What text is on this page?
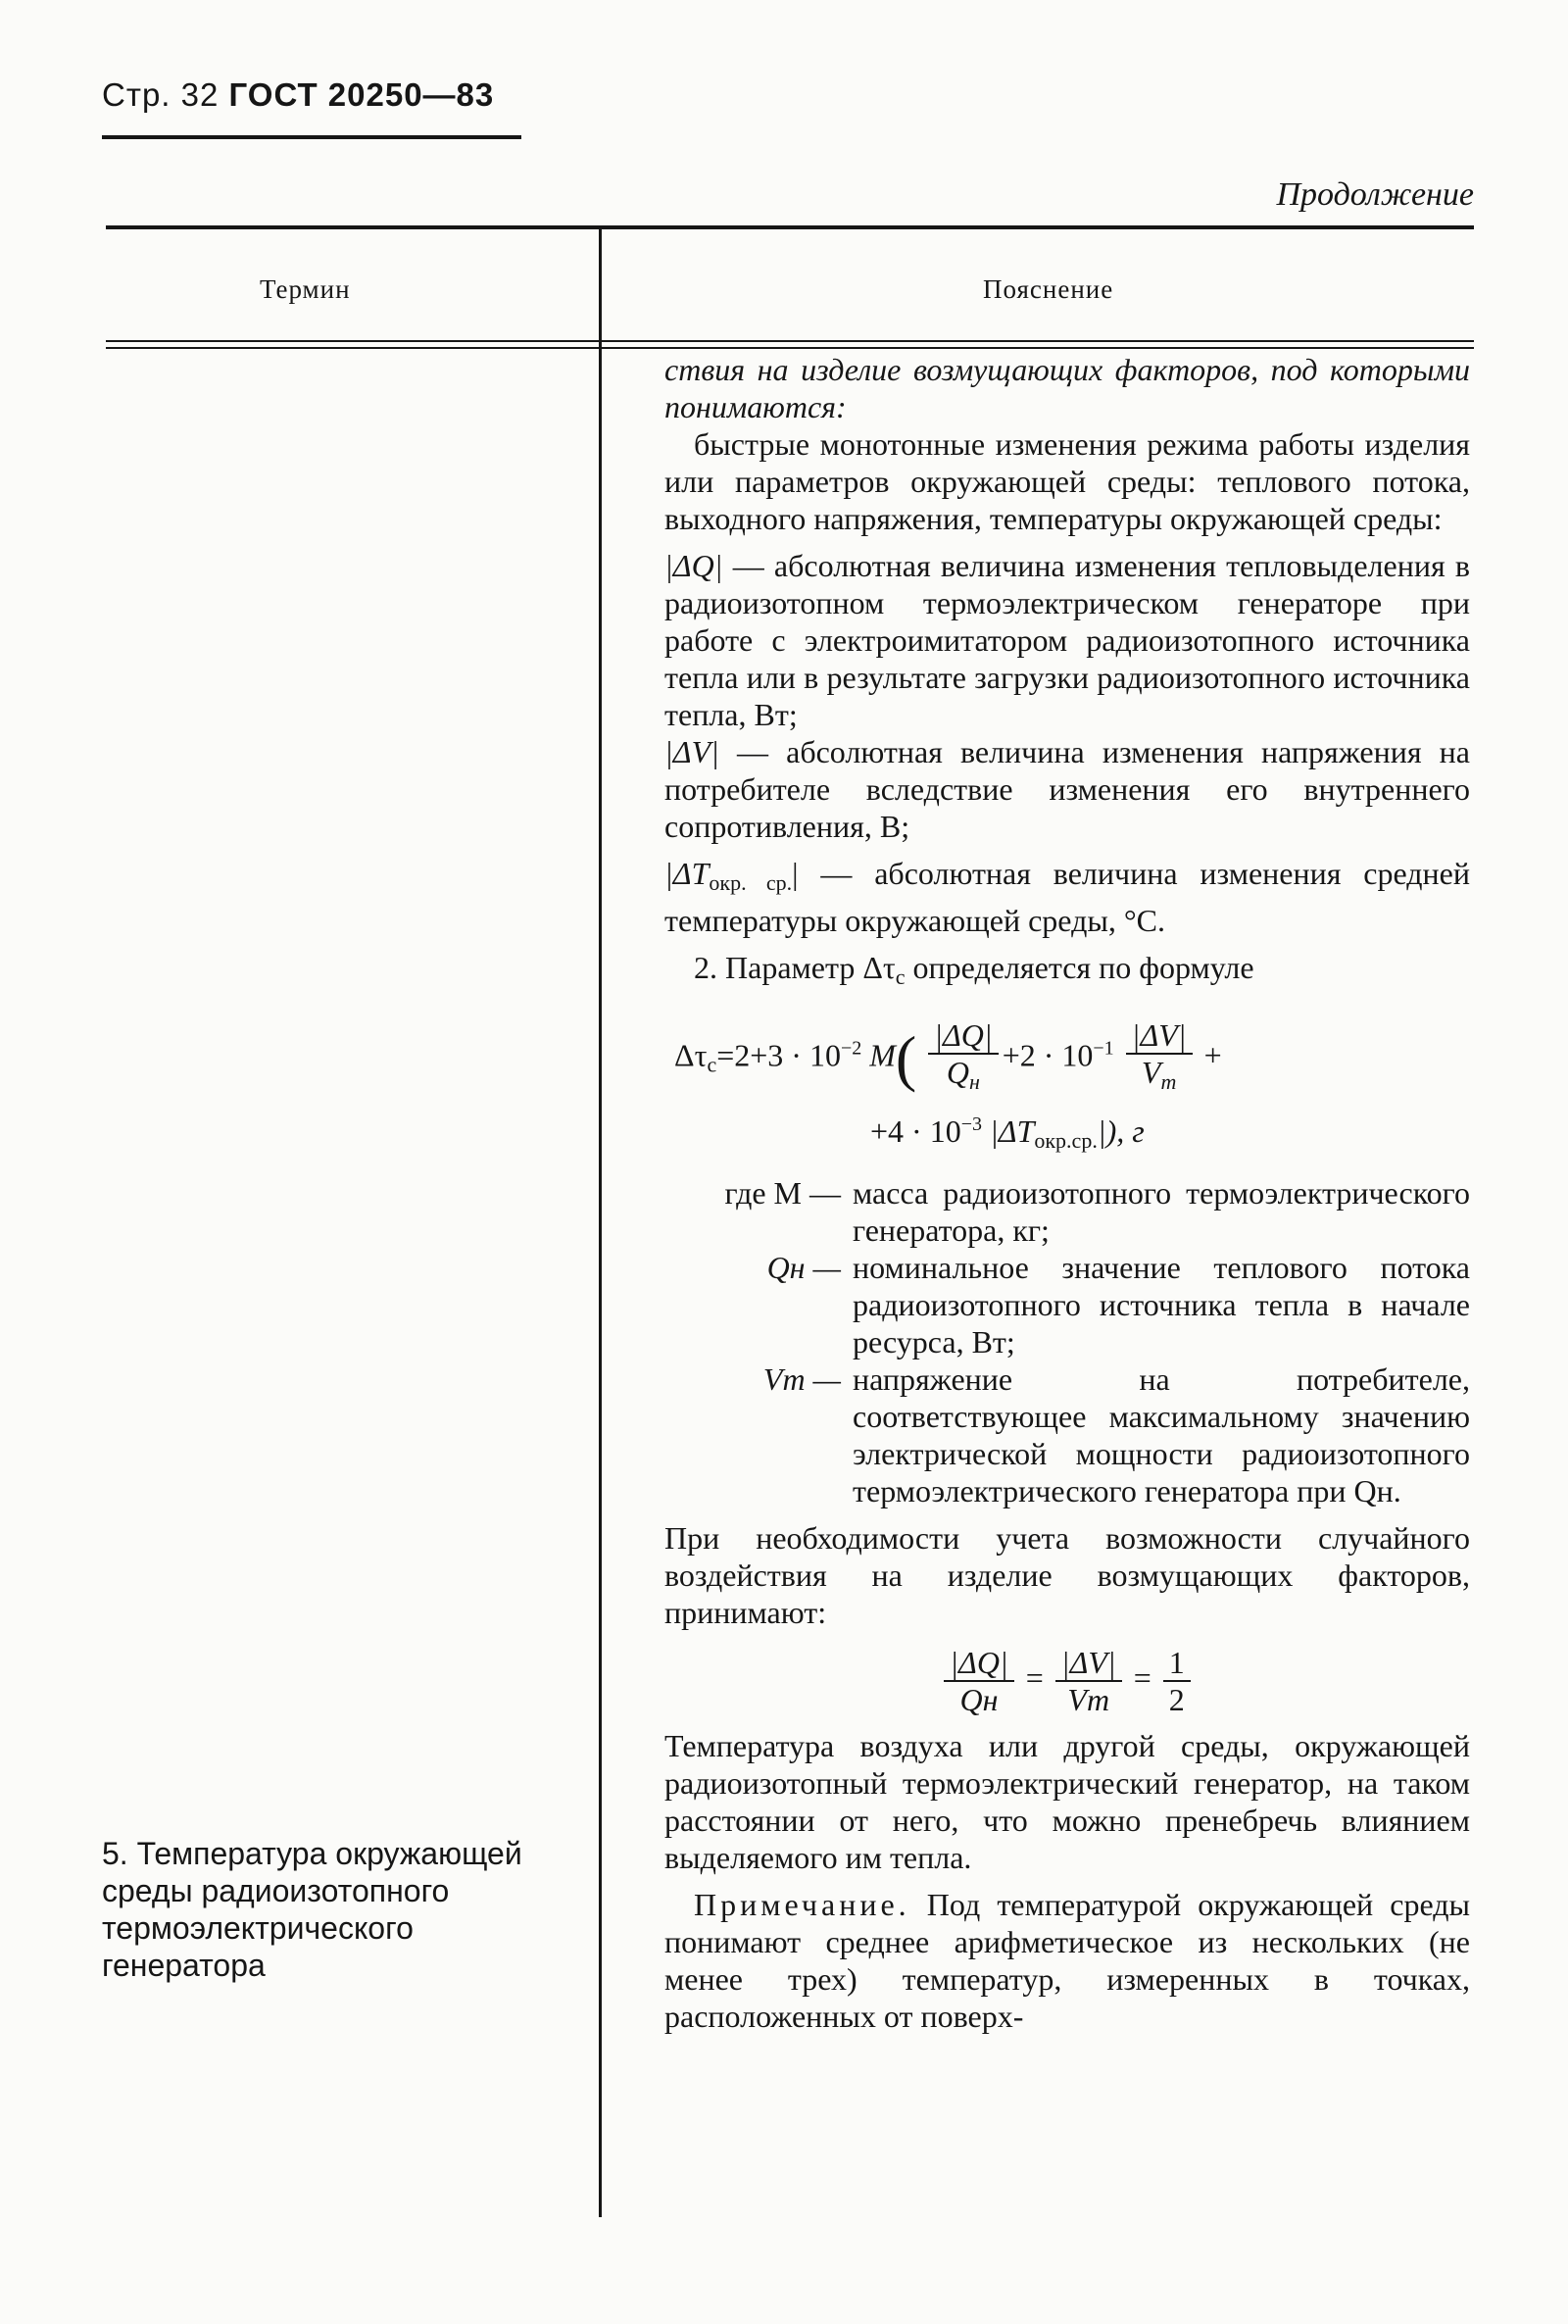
Стр. 32 ГОСТ 20250—83
Продолжение
Термин	Пояснение

ствия на изделие возмущающих факторов, под которыми понимаются:

быстрые монотонные изменения режима работы изделия или параметров окружающей среды: теплового потока, выходного напряжения, температуры окружающей среды:

|ΔQ| — абсолютная величина изменения тепловыделения в радиоизотопном термоэлектрическом генераторе при работе с электроимитатором радиоизотопного источника тепла или в результате загрузки радиоизотопного источника тепла, Вт;

|ΔV| — абсолютная величина изменения напряжения на потребителе вследствие изменения его внутреннего сопротивления, В;

$|\Delta T_{окр. ср.}|$ — абсолютная величина изменения средней температуры окружающей среды, °С.

2. Параметр $\Delta\tau_c$ определяется по формуле

$\Delta\tau_c=2+3 \cdot 10^{-2}$ $M( \frac{|\Delta Q|}{Q_н} +2 \cdot 10^{-1} \frac{|\Delta V|}{V_m}$ +
$+4 \cdot 10^{-3}$ $|\Delta T_{окр.ср.}|$), г
где M — масса радиоизотопного термоэлектрического генератора, кг;
Qн — номинальное значение теплового потока радиоизотопного источника тепла в начале ресурса, Вт;
Vm — напряжение на потребителе, соответствующее максимальному значению электрической мощности радиоизотопного термоэлектрического генератора при Qн.

При необходимости учета возможности случайного воздействия на изделие возмущающих факторов, принимают:

$\frac{|\Delta Q|}{Qн} = \frac{|\Delta V|}{Vm} = \frac{1}{2}$

Температура воздуха или другой среды, окружающей радиоизотопный термоэлектрический генератор, на таком расстоянии от него, что можно пренебречь влиянием выделяемого им тепла.

Примечание. Под температурой окружающей среды понимают среднее арифметическое из нескольких (не менее трех) температур, измеренных в точках, расположенных от поверх-

5. Температура окружающей среды радиоизотопного термоэлектрического генератора
